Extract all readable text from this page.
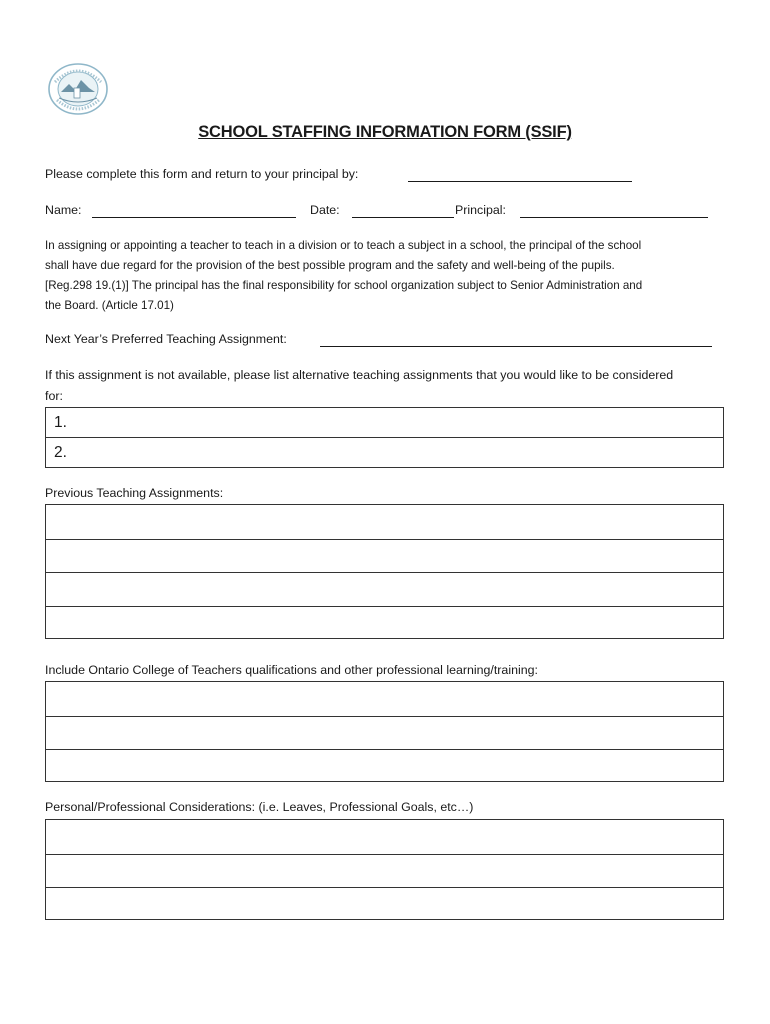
SCHOOL STAFFING INFORMATION FORM (SSIF)
Please complete this form and return to your principal by:
Name:	Date:	Principal:

In assigning or appointing a teacher to teach in a division or to teach a subject in a school, the principal of the school

shall have due regard for the provision of the best possible program and the safety and well-being of the pupils.

[Reg.298 19.(1)] The principal has the final responsibility for school organization subject to Senior Administration and

the Board. (Article 17.01)

Next Year’s Preferred Teaching Assignment:
If this assignment is not available, please list alternative teaching assignments that you would like to be considered
for:
1.
2.
Previous Teaching Assignments:
Include Ontario College of Teachers qualifications and other professional learning/training:
Personal/Professional Considerations: (i.e. Leaves, Professional Goals, etc…)
